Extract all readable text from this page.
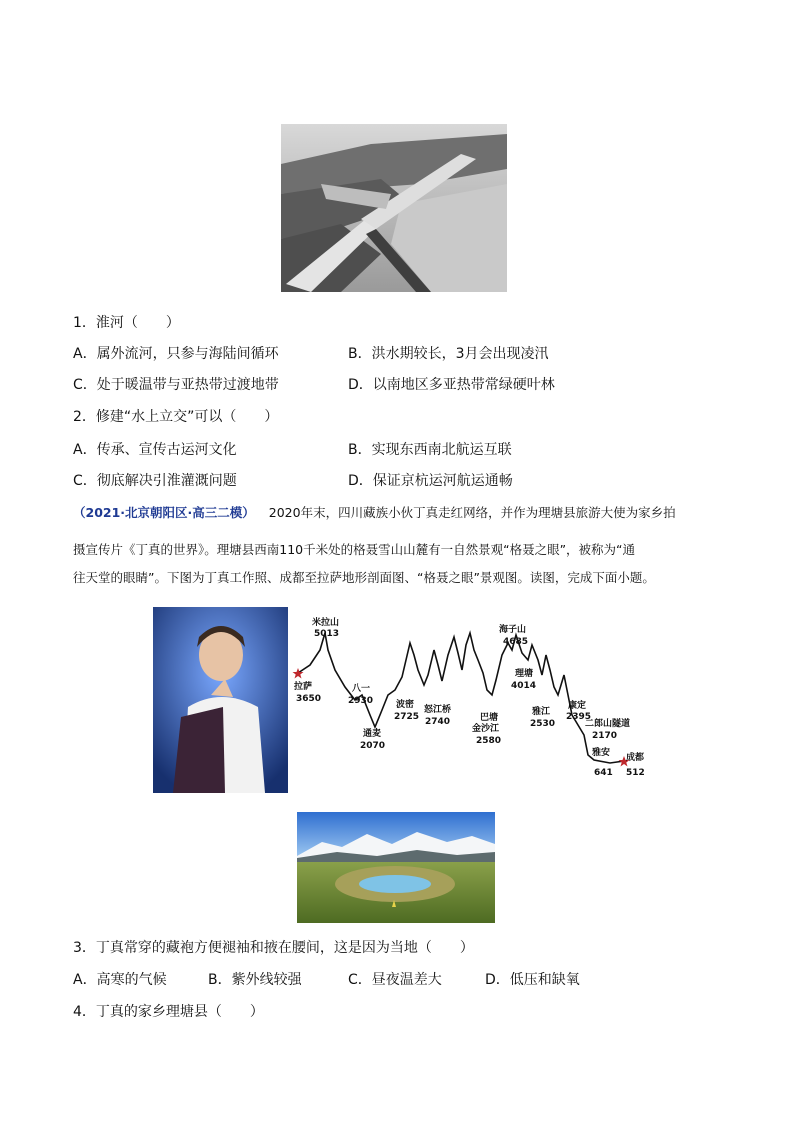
1．淮河（　　）
A．属外流河，只参与海陆间循环	B．洪水期较长，3月会出现凌汛
C．处于暖温带与亚热带过渡地带	D．以南地区多亚热带常绿硬叶林
2．修建“水上立交”可以（　　）
A．传承、宣传古运河文化	B．实现东西南北航运互联
C．彻底解决引淮灌溉问题	D．保证京杭运河航运通畅
（2021·北京朝阳区·高三二模） 2020年末，四川藏族小伙丁真走红网络，并作为理塘县旅游大使为家乡拍
摄宣传片《丁真的世界》。理塘县西南110千米处的格聂雪山山麓有一自然景观“格聂之眼”，被称为“通
往天堂的眼睛”。下图为丁真工作照、成都至拉萨地形剖面图、“格聂之眼”景观图。读图，完成下面小题。
拉萨
3650
米拉山
5013
八一
2930
通麦
2070
波密
2725
怒江桥
2740	巴塘
金沙江
2580
海子山
4685
理塘
4014
雅江
2530
康定
2395
二郎山隧道
2170
雅安
641
成都
512
3．丁真常穿的藏袍方便褪袖和掖在腰间，这是因为当地（　　）
A．高寒的气候	B．紫外线较强	C．昼夜温差大	D．低压和缺氧
4．丁真的家乡理塘县（　　）
